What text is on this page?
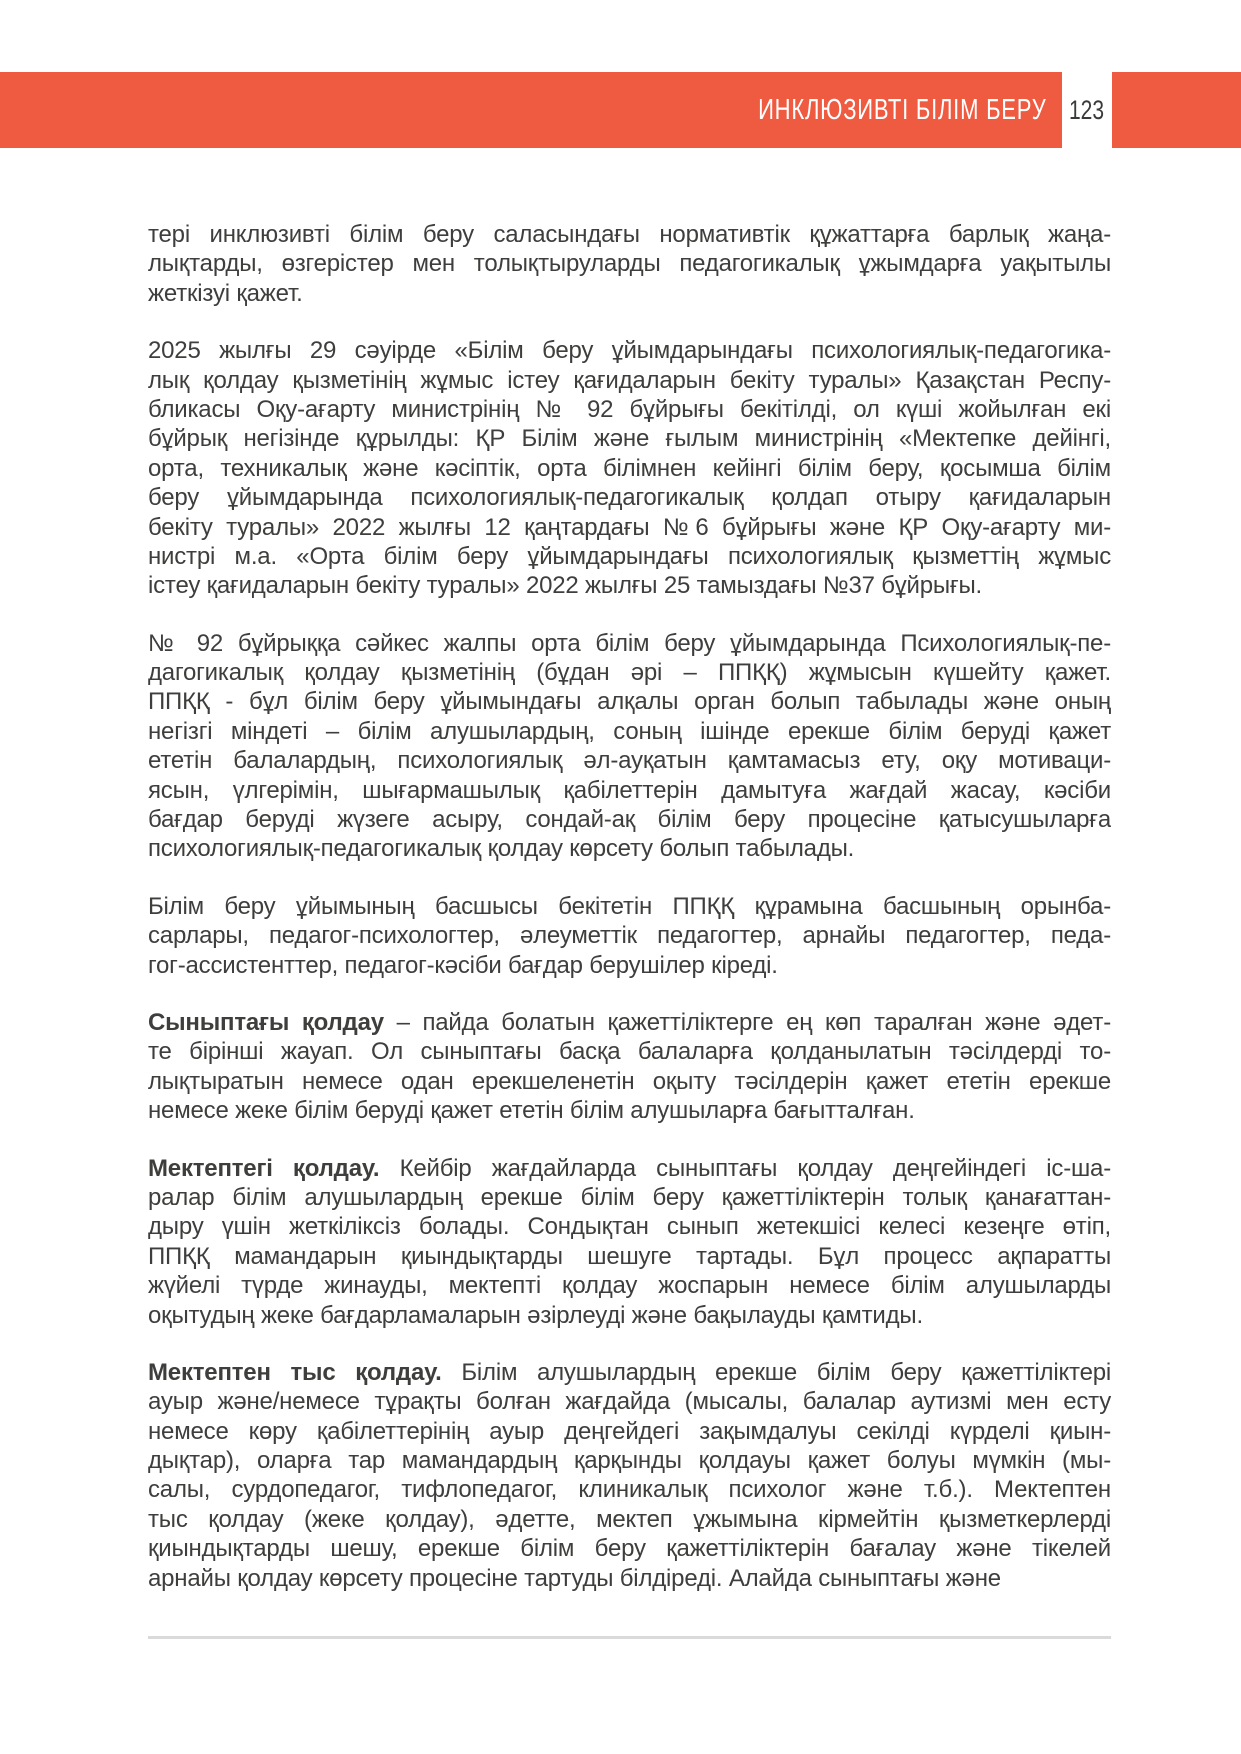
ИНКЛЮЗИВТІ БІЛІМ БЕРУ 123
тері инклюзивті білім беру саласындағы нормативтік құжаттарға барлық жаңа-
лықтарды, өзгерістер мен толықтыруларды педагогикалық ұжымдарға уақытылы
жеткізуі қажет.
2025 жылғы 29 сәуірде «Білім беру ұйымдарындағы психологиялық-педагогика-
лық қолдау қызметінің жұмыс істеу қағидаларын бекіту туралы» Қазақстан Респу-
бликасы Оқу-ағарту министрінің № 92 бұйрығы бекітілді, ол күші жойылған екі
бұйрық негізінде құрылды: ҚР Білім және ғылым министрінің «Мектепке дейінгі,
орта, техникалық және кәсіптік, орта білімнен кейінгі білім беру, қосымша білім
беру ұйымдарында психологиялық-педагогикалық қолдап отыру қағидаларын
бекіту туралы» 2022 жылғы 12 қаңтардағы №6 бұйрығы және ҚР Оқу-ағарту ми-
нистрі м.а. «Орта білім беру ұйымдарындағы психологиялық қызметтің жұмыс
істеу қағидаларын бекіту туралы» 2022 жылғы 25 тамыздағы №37 бұйрығы.
№ 92 бұйрыққа сәйкес жалпы орта білім беру ұйымдарында Психологиялық-пе-
дагогикалық қолдау қызметінің (бұдан әрі – ППҚҚ) жұмысын күшейту қажет.
ППҚҚ - бұл білім беру ұйымындағы алқалы орган болып табылады және оның
негізгі міндеті – білім алушылардың, соның ішінде ерекше білім беруді қажет
ететін балалардың, психологиялық әл-ауқатын қамтамасыз ету, оқу мотиваци-
ясын, үлгерімін, шығармашылық қабілеттерін дамытуға жағдай жасау, кәсіби
бағдар беруді жүзеге асыру, сондай-ақ білім беру процесіне қатысушыларға
психологиялық-педагогикалық қолдау көрсету болып табылады.
Білім беру ұйымының басшысы бекітетін ППҚҚ құрамына басшының орынба-
сарлары, педагог-психологтер, әлеуметтік педагогтер, арнайы педагогтер, педа-
гог-ассистенттер, педагог-кәсіби бағдар берушілер кіреді.
Сыныптағы қолдау – пайда болатын қажеттіліктерге ең көп таралған және әдет-
те бірінші жауап. Ол сыныптағы басқа балаларға қолданылатын тәсілдерді то-
лықтыратын немесе одан ерекшеленетін оқыту тәсілдерін қажет ететін ерекше
немесе жеке білім беруді қажет ететін білім алушыларға бағытталған.
Мектептегі қолдау. Кейбір жағдайларда сыныптағы қолдау деңгейіндегі іс-ша-
ралар білім алушылардың ерекше білім беру қажеттіліктерін толық қанағаттан-
дыру үшін жеткіліксіз болады. Сондықтан сынып жетекшісі келесі кезеңге өтіп,
ППҚҚ мамандарын қиындықтарды шешуге тартады. Бұл процесс ақпаратты
жүйелі түрде жинауды, мектепті қолдау жоспарын немесе білім алушыларды
оқытудың жеке бағдарламаларын әзірлеуді және бақылауды қамтиды.
Мектептен тыс қолдау. Білім алушылардың ерекше білім беру қажеттіліктері
ауыр және/немесе тұрақты болған жағдайда (мысалы, балалар аутизмі мен есту
немесе көру қабілеттерінің ауыр деңгейдегі зақымдалуы секілді күрделі қиын-
дықтар), оларға тар мамандардың қарқынды қолдауы қажет болуы мүмкін (мы-
салы, сурдопедагог, тифлопедагог, клиникалық психолог және т.б.). Мектептен
тыс қолдау (жеке қолдау), әдетте, мектеп ұжымына кірмейтін қызметкерлерді
қиындықтарды шешу, ерекше білім беру қажеттіліктерін бағалау және тікелей
арнайы қолдау көрсету процесіне тартуды білдіреді. Алайда сыныптағы және
